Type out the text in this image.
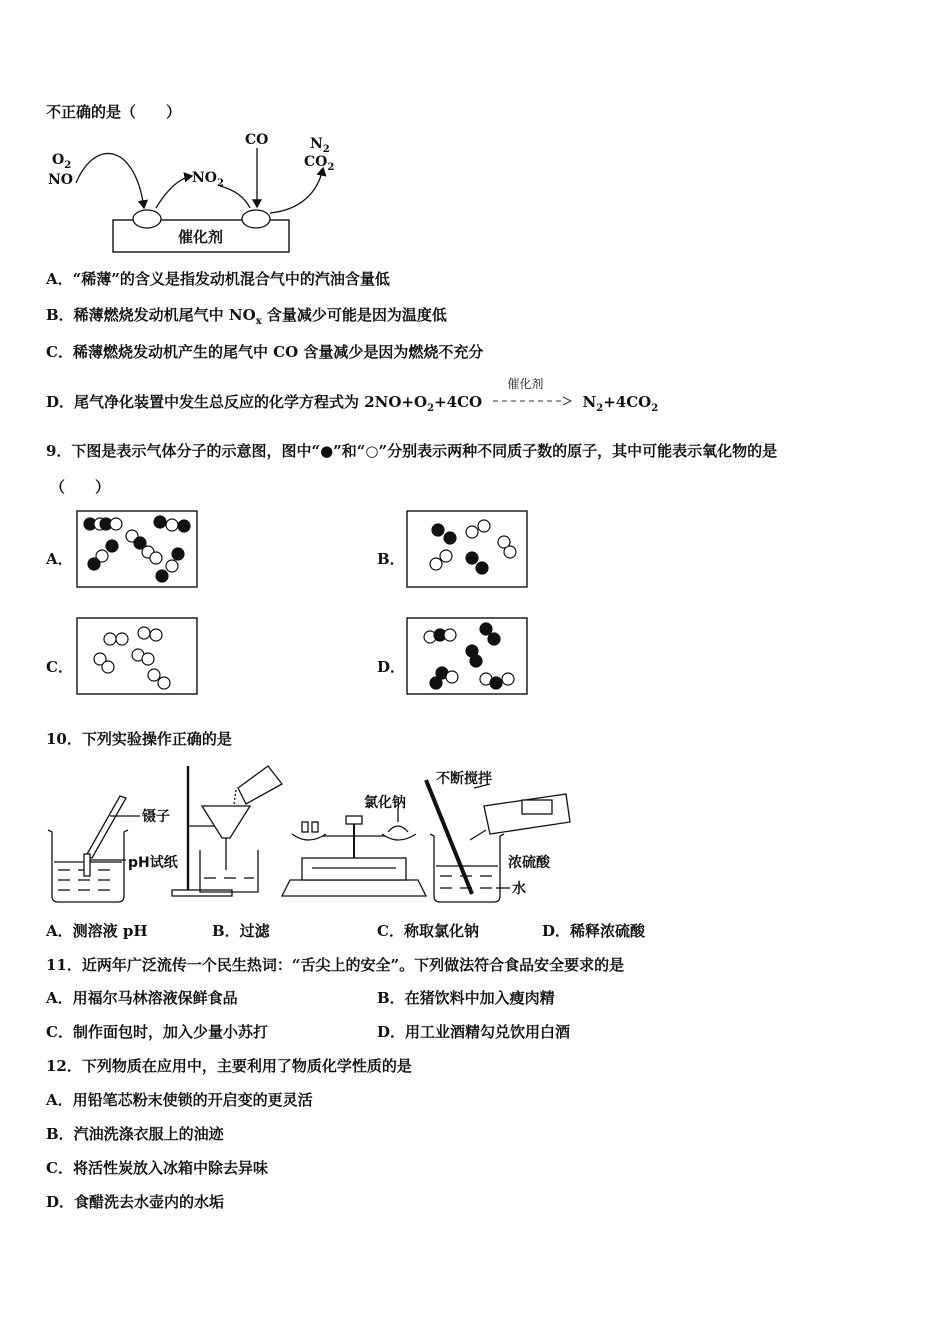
不正确的是（　　）
$O_2$
NO	$NO_2$
CO	$N_2$
$CO_2$
催化剂
A．“稀薄”的含义是指发动机混合气中的汽油含量低
B．稀薄燃烧发动机尾气中 $NO_x$ 含量减少可能是因为温度低
C．稀薄燃烧发动机产生的尾气中 CO 含量减少是因为燃烧不充分
D．尾气净化装置中发生总反应的化学方程式为 $2NO+O_2+4CO$
催化剂
$N_2+4CO_2$
9．下图是表示气体分子的示意图，图中“●”和“○”分别表示两种不同质子数的原子，其中可能表示氧化物的是
（　　）
A．	B．
C．	D．
10．下列实验操作正确的是
镊子
pH试纸
氯化钠
不断搅拌
浓硫酸
水
A．测溶液 pH	B．过滤	C．称取氯化钠	D．稀释浓硫酸
11．近两年广泛流传一个民生热词：“舌尖上的安全”。下列做法符合食品安全要求的是
A．用福尔马林溶液保鲜食品	B．在猪饮料中加入瘦肉精
C．制作面包时，加入少量小苏打	D．用工业酒精勾兑饮用白酒
12．下列物质在应用中，主要利用了物质化学性质的是
A．用铅笔芯粉末使锁的开启变的更灵活
B．汽油洗涤衣服上的油迹
C．将活性炭放入冰箱中除去异味
D．食醋洗去水壶内的水垢
